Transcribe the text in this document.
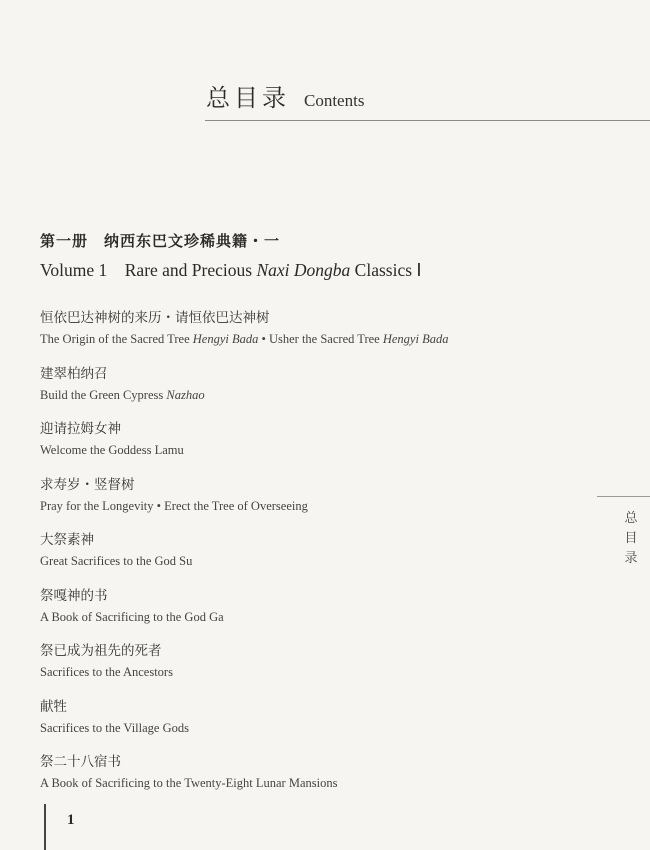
总目录 Contents
第一册　纳西东巴文珍稀典籍・一
Volume 1　Rare and Precious Naxi Dongba Classics Ⅰ
恒依巴达神树的来历・请恒依巴达神树
The Origin of the Sacred Tree Hengyi Bada • Usher the Sacred Tree Hengyi Bada
建翠柏纳召
Build the Green Cypress Nazhao
迎请拉姆女神
Welcome the Goddess Lamu
求寿岁・竖督树
Pray for the Longevity • Erect the Tree of Overseeing
大祭素神
Great Sacrifices to the God Su
祭嘎神的书
A Book of Sacrificing to the God Ga
祭已成为祖先的死者
Sacrifices to the Ancestors
献牲
Sacrifices to the Village Gods
祭二十八宿书
A Book of Sacrificing to the Twenty-Eight Lunar Mansions
总
目
录
1
